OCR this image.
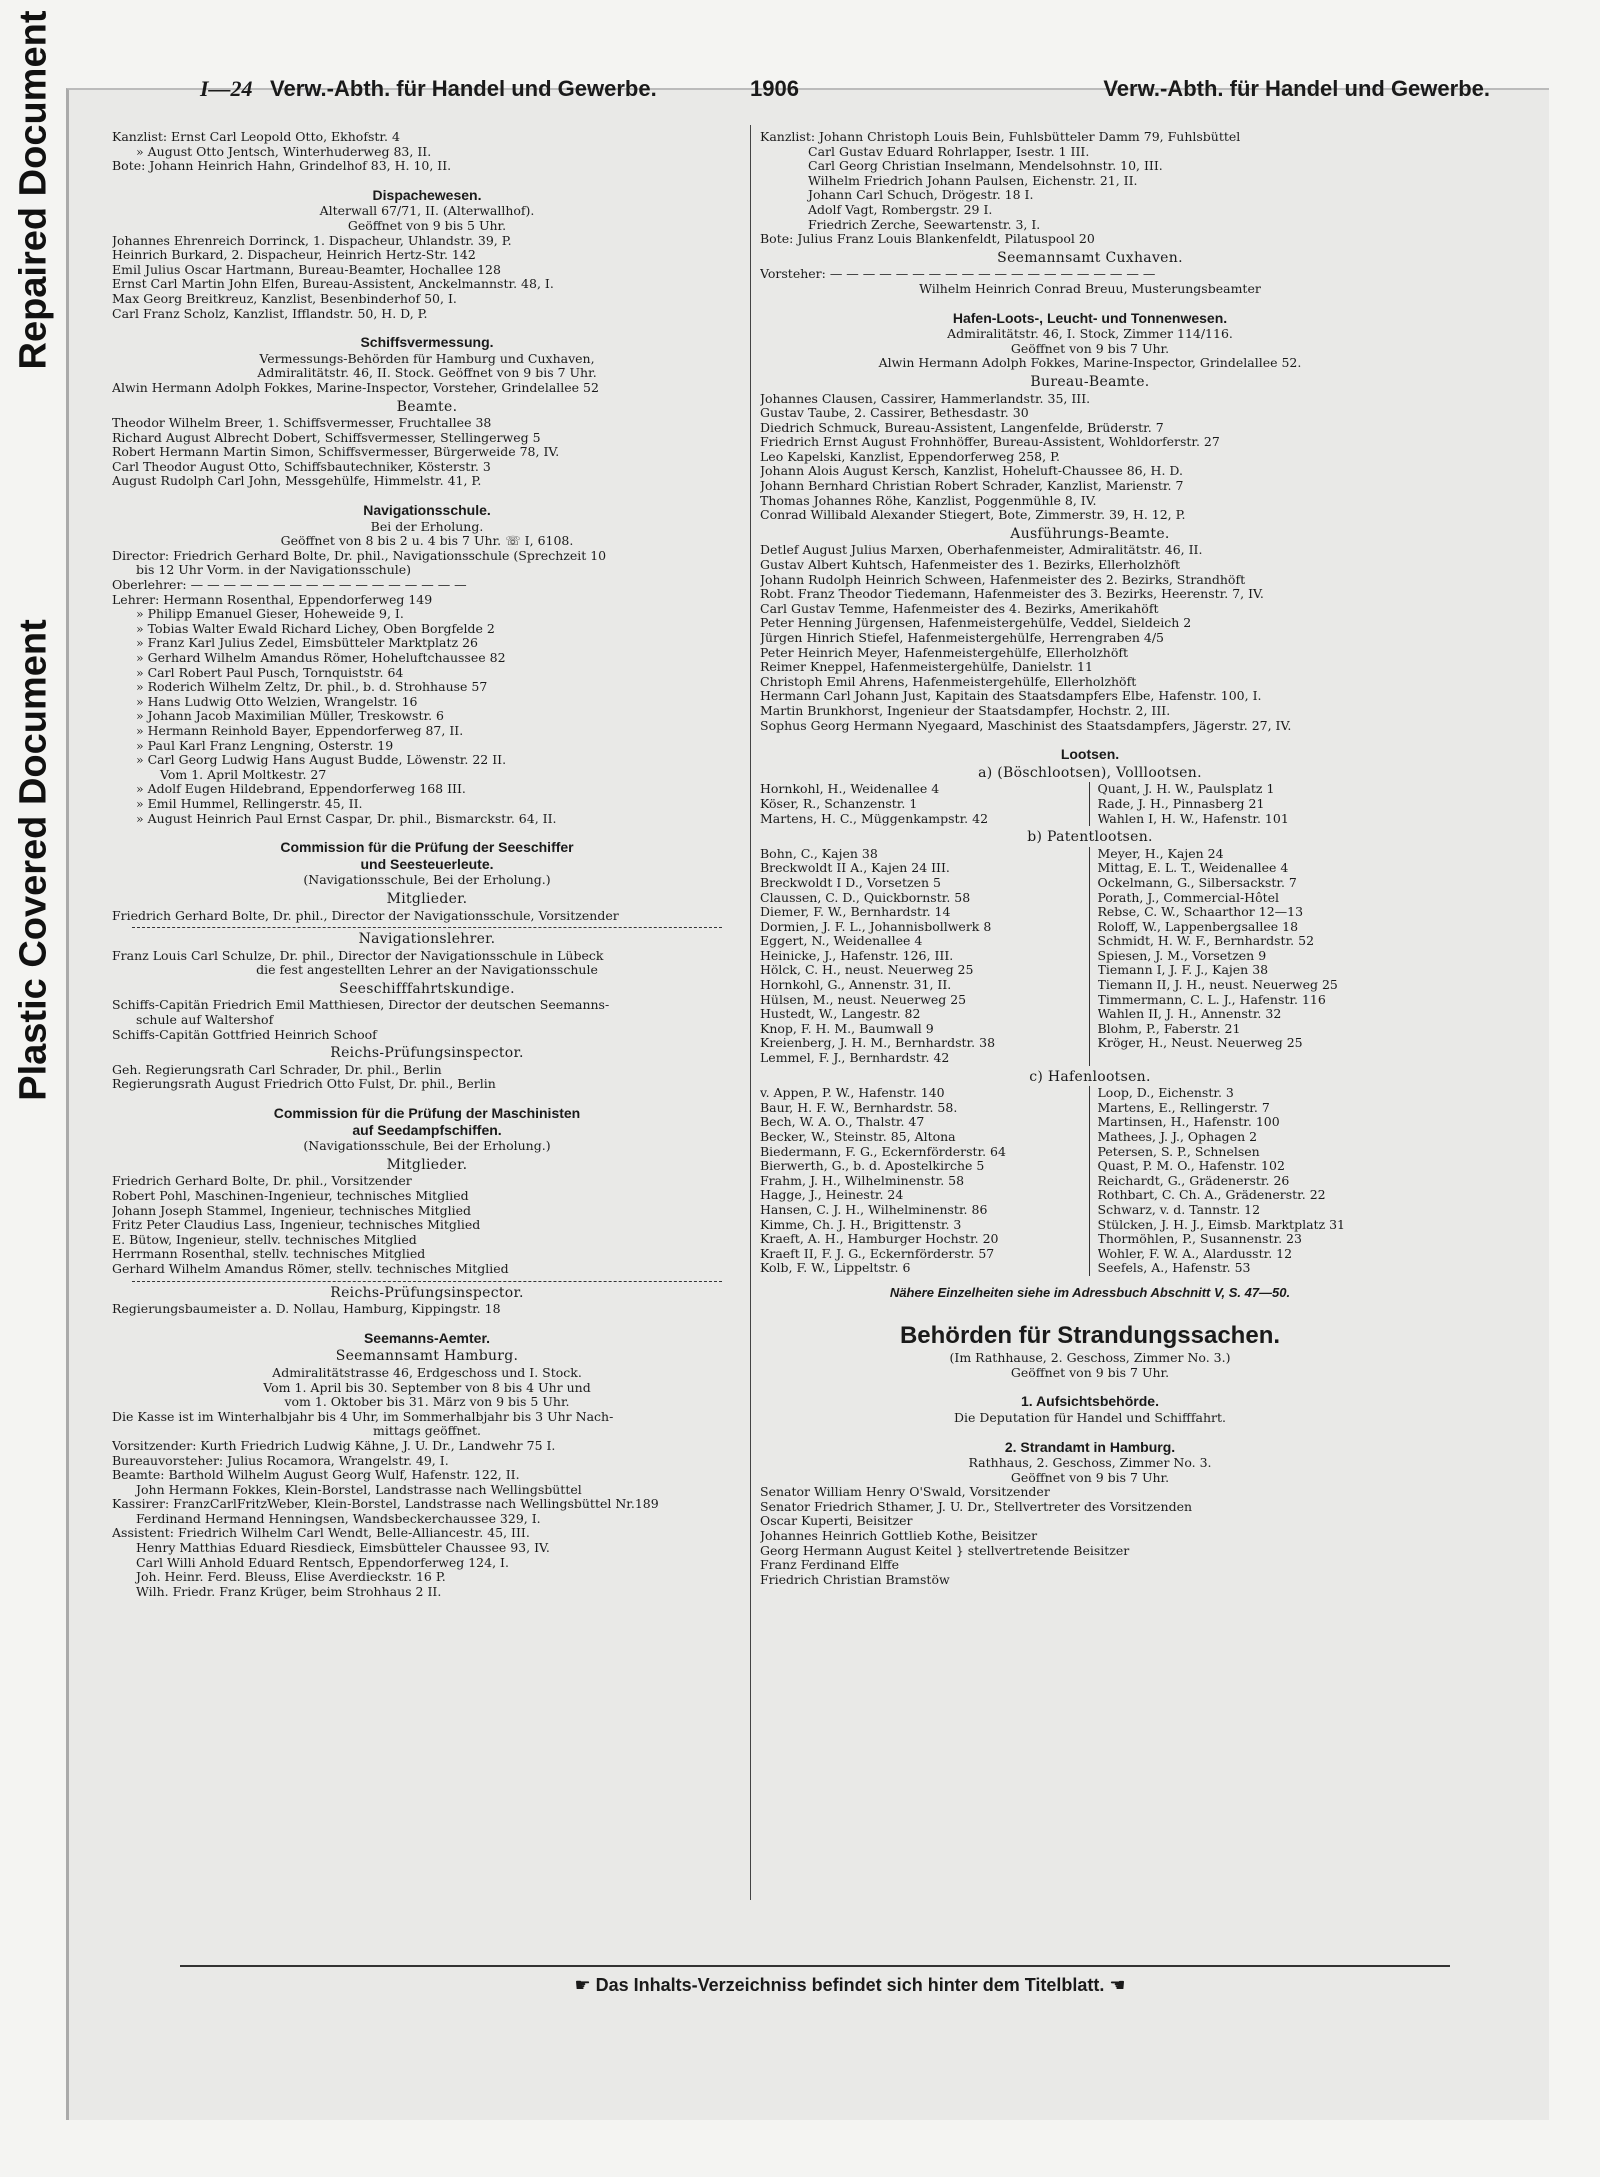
Repaired Document
Plastic Covered Document
I—24 Verw.-Abth. für Handel und Gewerbe.	1906	Verw.-Abth. für Handel und Gewerbe.
Kanzlist: Ernst Carl Leopold Otto, Ekhofstr. 4
» August Otto Jentsch, Winterhuderweg 83, II.
Bote: Johann Heinrich Hahn, Grindelhof 83, H. 10, II.
Dispachewesen.
Alterwall 67/71, II. (Alterwallhof).
Geöffnet von 9 bis 5 Uhr.
Johannes Ehrenreich Dorrinck, 1. Dispacheur, Uhlandstr. 39, P.
Heinrich Burkard, 2. Dispacheur, Heinrich Hertz-Str. 142
Emil Julius Oscar Hartmann, Bureau-Beamter, Hochallee 128
Ernst Carl Martin John Elfen, Bureau-Assistent, Anckelmannstr. 48, I.
Max Georg Breitkreuz, Kanzlist, Besenbinderhof 50, I.
Carl Franz Scholz, Kanzlist, Ifflandstr. 50, H. D, P.
Schiffsvermessung.
Vermessungs-Behörden für Hamburg und Cuxhaven,
Admiralitätstr. 46, II. Stock. Geöffnet von 9 bis 7 Uhr.
Alwin Hermann Adolph Fokkes, Marine-Inspector, Vorsteher, Grindelallee 52
Beamte.
Theodor Wilhelm Breer, 1. Schiffsvermesser, Fruchtallee 38
Richard August Albrecht Dobert, Schiffsvermesser, Stellingerweg 5
Robert Hermann Martin Simon, Schiffsvermesser, Bürgerweide 78, IV.
Carl Theodor August Otto, Schiffsbautechniker, Kösterstr. 3
August Rudolph Carl John, Messgehülfe, Himmelstr. 41, P.
Navigationsschule.
Bei der Erholung.
Geöffnet von 8 bis 2 u. 4 bis 7 Uhr. ☏ I, 6108.
Director: Friedrich Gerhard Bolte, Dr. phil., Navigationsschule (Sprechzeit 10
bis 12 Uhr Vorm. in der Navigationsschule)
Oberlehrer: — — — — — — — — — — — — — — — — —
Lehrer: Hermann Rosenthal, Eppendorferweg 149
» Philipp Emanuel Gieser, Hoheweide 9, I.
» Tobias Walter Ewald Richard Lichey, Oben Borgfelde 2
» Franz Karl Julius Zedel, Eimsbütteler Marktplatz 26
» Gerhard Wilhelm Amandus Römer, Hoheluftchaussee 82
» Carl Robert Paul Pusch, Tornquiststr. 64
» Roderich Wilhelm Zeltz, Dr. phil., b. d. Strohhause 57
» Hans Ludwig Otto Welzien, Wrangelstr. 16
» Johann Jacob Maximilian Müller, Treskowstr. 6
» Hermann Reinhold Bayer, Eppendorferweg 87, II.
» Paul Karl Franz Lengning, Osterstr. 19
» Carl Georg Ludwig Hans August Budde, Löwenstr. 22 II.
Vom 1. April Moltkestr. 27
» Adolf Eugen Hildebrand, Eppendorferweg 168 III.
» Emil Hummel, Rellingerstr. 45, II.
» August Heinrich Paul Ernst Caspar, Dr. phil., Bismarckstr. 64, II.
Commission für die Prüfung der Seeschiffer
und Seesteuerleute.
(Navigationsschule, Bei der Erholung.)
Mitglieder.
Friedrich Gerhard Bolte, Dr. phil., Director der Navigationsschule, Vorsitzender
Navigationslehrer.
Franz Louis Carl Schulze, Dr. phil., Director der Navigationsschule in Lübeck
die fest angestellten Lehrer an der Navigationsschule
Seeschifffahrtskundige.
Schiffs-Capitän Friedrich Emil Matthiesen, Director der deutschen Seemanns-
schule auf Waltershof
Schiffs-Capitän Gottfried Heinrich Schoof
Reichs-Prüfungsinspector.
Geh. Regierungsrath Carl Schrader, Dr. phil., Berlin
Regierungsrath August Friedrich Otto Fulst, Dr. phil., Berlin
Commission für die Prüfung der Maschinisten
auf Seedampfschiffen.
(Navigationsschule, Bei der Erholung.)
Mitglieder.
Friedrich Gerhard Bolte, Dr. phil., Vorsitzender
Robert Pohl, Maschinen-Ingenieur, technisches Mitglied
Johann Joseph Stammel, Ingenieur, technisches Mitglied
Fritz Peter Claudius Lass, Ingenieur, technisches Mitglied
E. Bütow, Ingenieur, stellv. technisches Mitglied
Herrmann Rosenthal, stellv. technisches Mitglied
Gerhard Wilhelm Amandus Römer, stellv. technisches Mitglied
Reichs-Prüfungsinspector.
Regierungsbaumeister a. D. Nollau, Hamburg, Kippingstr. 18
Seemanns-Aemter.
Seemannsamt Hamburg.
Admiralitätstrasse 46, Erdgeschoss und I. Stock.
Vom 1. April bis 30. September von 8 bis 4 Uhr und
vom 1. Oktober bis 31. März von 9 bis 5 Uhr.
Die Kasse ist im Winterhalbjahr bis 4 Uhr, im Sommerhalbjahr bis 3 Uhr Nach-
mittags geöffnet.
Vorsitzender: Kurth Friedrich Ludwig Kähne, J. U. Dr., Landwehr 75 I.
Bureauvorsteher: Julius Rocamora, Wrangelstr. 49, I.
Beamte: Barthold Wilhelm August Georg Wulf, Hafenstr. 122, II.
John Hermann Fokkes, Klein-Borstel, Landstrasse nach Wellingsbüttel
Kassirer: FranzCarlFritzWeber, Klein-Borstel, Landstrasse nach Wellingsbüttel Nr.189
Ferdinand Hermand Henningsen, Wandsbeckerchaussee 329, I.
Assistent: Friedrich Wilhelm Carl Wendt, Belle-Alliancestr. 45, III.
Henry Matthias Eduard Riesdieck, Eimsbütteler Chaussee 93, IV.
Carl Willi Anhold Eduard Rentsch, Eppendorferweg 124, I.
Joh. Heinr. Ferd. Bleuss, Elise Averdieckstr. 16 P.
Wilh. Friedr. Franz Krüger, beim Strohhaus 2 II.
Kanzlist: Johann Christoph Louis Bein, Fuhlsbütteler Damm 79, Fuhlsbüttel
Carl Gustav Eduard Rohrlapper, Isestr. 1 III.
Carl Georg Christian Inselmann, Mendelsohnstr. 10, III.
Wilhelm Friedrich Johann Paulsen, Eichenstr. 21, II.
Johann Carl Schuch, Drögestr. 18 I.
Adolf Vagt, Rombergstr. 29 I.
Friedrich Zerche, Seewartenstr. 3, I.
Bote: Julius Franz Louis Blankenfeldt, Pilatuspool 20
Seemannsamt Cuxhaven.
Vorsteher: — — — — — — — — — — — — — — — — — — — —
Wilhelm Heinrich Conrad Breuu, Musterungsbeamter
Hafen-Loots-, Leucht- und Tonnenwesen.
Admiralitätstr. 46, I. Stock, Zimmer 114/116.
Geöffnet von 9 bis 7 Uhr.
Alwin Hermann Adolph Fokkes, Marine-Inspector, Grindelallee 52.
Bureau-Beamte.
Johannes Clausen, Cassirer, Hammerlandstr. 35, III.
Gustav Taube, 2. Cassirer, Bethesdastr. 30
Diedrich Schmuck, Bureau-Assistent, Langenfelde, Brüderstr. 7
Friedrich Ernst August Frohnhöffer, Bureau-Assistent, Wohldorferstr. 27
Leo Kapelski, Kanzlist, Eppendorferweg 258, P.
Johann Alois August Kersch, Kanzlist, Hoheluft-Chaussee 86, H. D.
Johann Bernhard Christian Robert Schrader, Kanzlist, Marienstr. 7
Thomas Johannes Röhe, Kanzlist, Poggenmühle 8, IV.
Conrad Willibald Alexander Stiegert, Bote, Zimmerstr. 39, H. 12, P.
Ausführungs-Beamte.
Detlef August Julius Marxen, Oberhafenmeister, Admiralitätstr. 46, II.
Gustav Albert Kuhtsch, Hafenmeister des 1. Bezirks, Ellerholzhöft
Johann Rudolph Heinrich Schween, Hafenmeister des 2. Bezirks, Strandhöft
Robt. Franz Theodor Tiedemann, Hafenmeister des 3. Bezirks, Heerenstr. 7, IV.
Carl Gustav Temme, Hafenmeister des 4. Bezirks, Amerikahöft
Peter Henning Jürgensen, Hafenmeistergehülfe, Veddel, Sieldeich 2
Jürgen Hinrich Stiefel, Hafenmeistergehülfe, Herrengraben 4/5
Peter Heinrich Meyer, Hafenmeistergehülfe, Ellerholzhöft
Reimer Kneppel, Hafenmeistergehülfe, Danielstr. 11
Christoph Emil Ahrens, Hafenmeistergehülfe, Ellerholzhöft
Hermann Carl Johann Just, Kapitain des Staatsdampfers Elbe, Hafenstr. 100, I.
Martin Brunkhorst, Ingenieur der Staatsdampfer, Hochstr. 2, III.
Sophus Georg Hermann Nyegaard, Maschinist des Staatsdampfers, Jägerstr. 27, IV.
Lootsen.
a) (Böschlootsen), Volllootsen.
Hornkohl, H., Weidenallee 4
Köser, R., Schanzenstr. 1
Martens, H. C., Müggenkampstr. 42
Quant, J. H. W., Paulsplatz 1
Rade, J. H., Pinnasberg 21
Wahlen I, H. W., Hafenstr. 101
b) Patentlootsen.
Bohn, C., Kajen 38
Breckwoldt II A., Kajen 24 III.
Breckwoldt I D., Vorsetzen 5
Claussen, C. D., Quickbornstr. 58
Diemer, F. W., Bernhardstr. 14
Dormien, J. F. L., Johannisbollwerk 8
Eggert, N., Weidenallee 4
Heinicke, J., Hafenstr. 126, III.
Hölck, C. H., neust. Neuerweg 25
Hornkohl, G., Annenstr. 31, II.
Hülsen, M., neust. Neuerweg 25
Hustedt, W., Langestr. 82
Knop, F. H. M., Baumwall 9
Kreienberg, J. H. M., Bernhardstr. 38
Lemmel, F. J., Bernhardstr. 42
Meyer, H., Kajen 24
Mittag, E. L. T., Weidenallee 4
Ockelmann, G., Silbersackstr. 7
Porath, J., Commercial-Hôtel
Rebse, C. W., Schaarthor 12—13
Roloff, W., Lappenbergsallee 18
Schmidt, H. W. F., Bernhardstr. 52
Spiesen, J. M., Vorsetzen 9
Tiemann I, J. F. J., Kajen 38
Tiemann II, J. H., neust. Neuerweg 25
Timmermann, C. L. J., Hafenstr. 116
Wahlen II, J. H., Annenstr. 32
Blohm, P., Faberstr. 21
Kröger, H., Neust. Neuerweg 25
c) Hafenlootsen.
v. Appen, P. W., Hafenstr. 140
Baur, H. F. W., Bernhardstr. 58.
Bech, W. A. O., Thalstr. 47
Becker, W., Steinstr. 85, Altona
Biedermann, F. G., Eckernförderstr. 64
Bierwerth, G., b. d. Apostelkirche 5
Frahm, J. H., Wilhelminenstr. 58
Hagge, J., Heinestr. 24
Hansen, C. J. H., Wilhelminenstr. 86
Kimme, Ch. J. H., Brigittenstr. 3
Kraeft, A. H., Hamburger Hochstr. 20
Kraeft II, F. J. G., Eckernförderstr. 57
Kolb, F. W., Lippeltstr. 6
Loop, D., Eichenstr. 3
Martens, E., Rellingerstr. 7
Martinsen, H., Hafenstr. 100
Mathees, J. J., Ophagen 2
Petersen, S. P., Schnelsen
Quast, P. M. O., Hafenstr. 102
Reichardt, G., Grädenerstr. 26
Rothbart, C. Ch. A., Grädenerstr. 22
Schwarz, v. d. Tannstr. 12
Stülcken, J. H. J., Eimsb. Marktplatz 31
Thormöhlen, P., Susannenstr. 23
Wohler, F. W. A., Alardusstr. 12
Seefels, A., Hafenstr. 53
Nähere Einzelheiten siehe im Adressbuch Abschnitt V, S. 47—50.
Behörden für Strandungssachen.
(Im Rathhause, 2. Geschoss, Zimmer No. 3.)
Geöffnet von 9 bis 7 Uhr.
1. Aufsichtsbehörde.
Die Deputation für Handel und Schifffahrt.
2. Strandamt in Hamburg.
Rathhaus, 2. Geschoss, Zimmer No. 3.
Geöffnet von 9 bis 7 Uhr.
Senator William Henry O'Swald, Vorsitzender
Senator Friedrich Sthamer, J. U. Dr., Stellvertreter des Vorsitzenden
Oscar Kuperti, Beisitzer
Johannes Heinrich Gottlieb Kothe, Beisitzer
Georg Hermann August Keitel } stellvertretende Beisitzer
Franz Ferdinand Elffe
Friedrich Christian Bramstöw
☛ Das Inhalts-Verzeichniss befindet sich hinter dem Titelblatt. ☚
